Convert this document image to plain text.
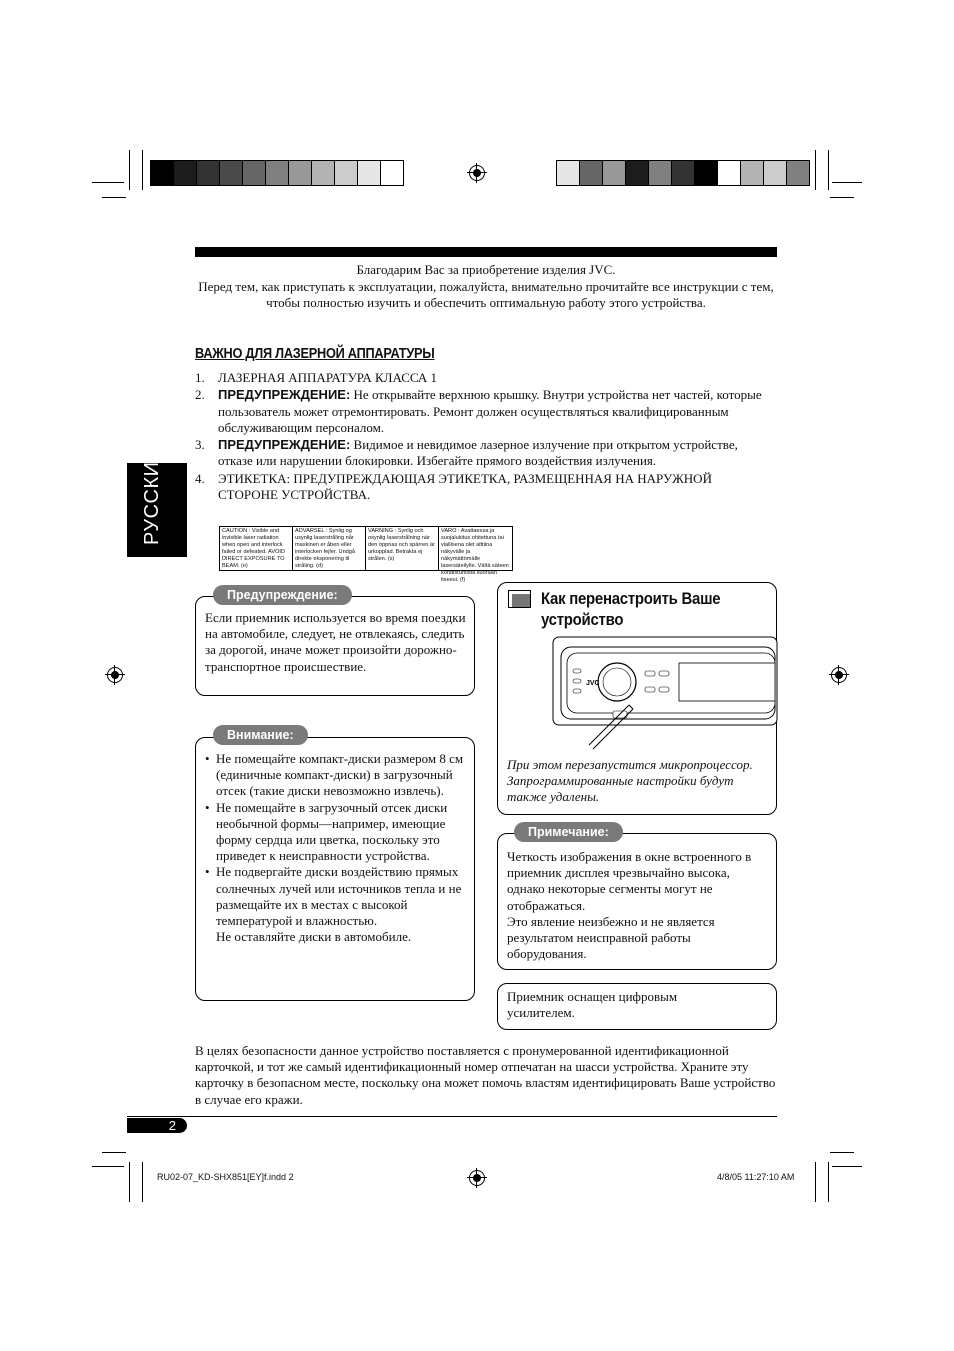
Благодарим Вас за приобретение изделия JVC.
Перед тем, как приступать к эксплуатации, пожалуйста, внимательно прочитайте все инструкции с тем, чтобы полностью изучить и обеспечить оптимальную работу этого устройства.
РУССКИЙ
ВАЖНО ДЛЯ ЛАЗЕРНОЙ АППАРАТУРЫ
1.	ЛАЗЕРНАЯ АППАРАТУРА КЛАССА 1
2.	ПРЕДУПРЕЖДЕНИЕ: Не открывайте верхнюю крышку. Внутри устройства нет частей, которые пользователь может отремонтировать. Ремонт должен осуществляться квалифицированным обслуживающим персоналом.
3.	ПРЕДУПРЕЖДЕНИЕ: Видимое и невидимое лазерное излучение при открытом устройстве, отказе или нарушении блокировки. Избегайте прямого воздействия излучения.
4.	ЭТИКЕТКА: ПРЕДУПРЕЖДАЮЩАЯ ЭТИКЕТКА, РАЗМЕЩЕННАЯ НА НАРУЖНОЙ СТОРОНЕ УСТРОЙСТВА.
CAUTION : Visible and invisible laser radiation when open and interlock failed or defeated. AVOID DIRECT EXPOSURE TO BEAM. (e)
ADVARSEL : Synlig og usynlig laserstråling når maskinen er åben eller interlocken fejler. Undgå direkte eksponering til stråling. (d)
VARNING : Synlig och osynlig laserstrålning när den öppnas och spärren är urkopplad. Betrakta ej strålen. (s)
VARO : Avattaessa ja suojalukitus ohitettuna tai viallisena olet alttiina näkyvälle ja näkymättömälle lasersäteilylle. Vältä säteen kohdistumista suoraan itseesi. (f)
Предупреждение:
Если приемник используется во время поездки на автомобиле, следует, не отвлекаясь, следить за дорогой, иначе может произойти дорожно-транспортное происшествие.
Внимание:
• Не помещайте компакт-диски размером 8 см (единичные компакт-диски) в загрузочный отсек (такие диски невозможно извлечь).
• Не помещайте в загрузочный отсек диски необычной формы—например, имеющие форму сердца или цветка, поскольку это приведет к неисправности устройства.
• Не подвергайте диски воздействию прямых солнечных лучей или источников тепла и не размещайте их в местах с высокой температурой и влажностью.
Не оставляйте диски в автомобиле.
Как перенастроить Ваше устройство
JVC
При этом перезапустится микропроцессор. Запрограммированные настройки будут также удалены.
Примечание:
Четкость изображения в окне встроенного в приемник дисплея чрезвычайно высока, однако некоторые сегменты могут не отображаться.
Это явление неизбежно и не является результатом неисправной работы оборудования.
Приемник оснащен цифровым усилителем.
В целях безопасности данное устройство поставляется с пронумерованной идентификационной карточкой, и тот же самый идентификационный номер отпечатан на шасси устройства. Храните эту карточку в безопасном месте, поскольку она может помочь властям идентифицировать Ваше устройство в случае его кражи.
2
RU02-07_KD-SHX851[EY]f.indd 2	4/8/05 11:27:10 AM
